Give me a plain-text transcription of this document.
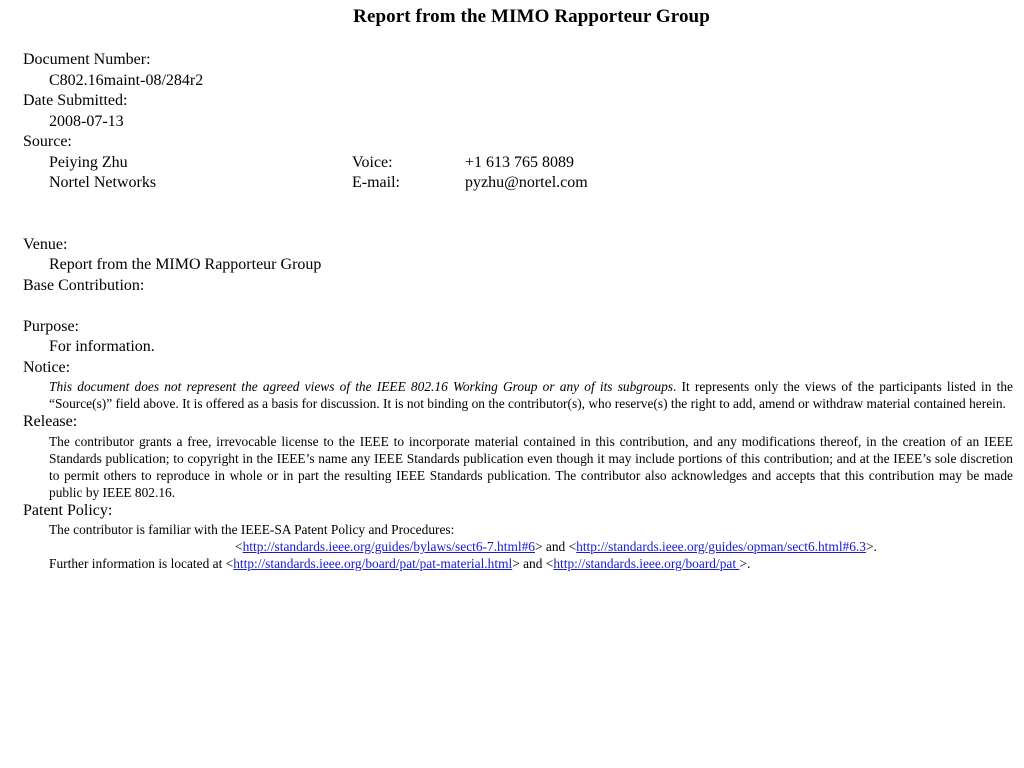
Report from the MIMO Rapporteur Group
Document Number:
C802.16maint-08/284r2
Date Submitted:
2008-07-13
Source:
Peiying Zhu	Voice:	+1 613 765 8089
Nortel Networks	E-mail:	pyzhu@nortel.com
Venue:
Report from the MIMO Rapporteur Group
Base Contribution:
Purpose:
For information.
Notice:
This document does not represent the agreed views of the IEEE 802.16 Working Group or any of its subgroups. It represents only the views of the participants listed in the “Source(s)” field above. It is offered as a basis for discussion. It is not binding on the contributor(s), who reserve(s) the right to add, amend or withdraw material contained herein.
Release:
The contributor grants a free, irrevocable license to the IEEE to incorporate material contained in this contribution, and any modifications thereof, in the creation of an IEEE Standards publication; to copyright in the IEEE’s name any IEEE Standards publication even though it may include portions of this contribution; and at the IEEE’s sole discretion to permit others to reproduce in whole or in part the resulting IEEE Standards publication. The contributor also acknowledges and accepts that this contribution may be made public by IEEE 802.16.
Patent Policy:
The contributor is familiar with the IEEE-SA Patent Policy and Procedures:
<http://standards.ieee.org/guides/bylaws/sect6-7.html#6> and <http://standards.ieee.org/guides/opman/sect6.html#6.3>.
Further information is located at <http://standards.ieee.org/board/pat/pat-material.html> and <http://standards.ieee.org/board/pat >.
